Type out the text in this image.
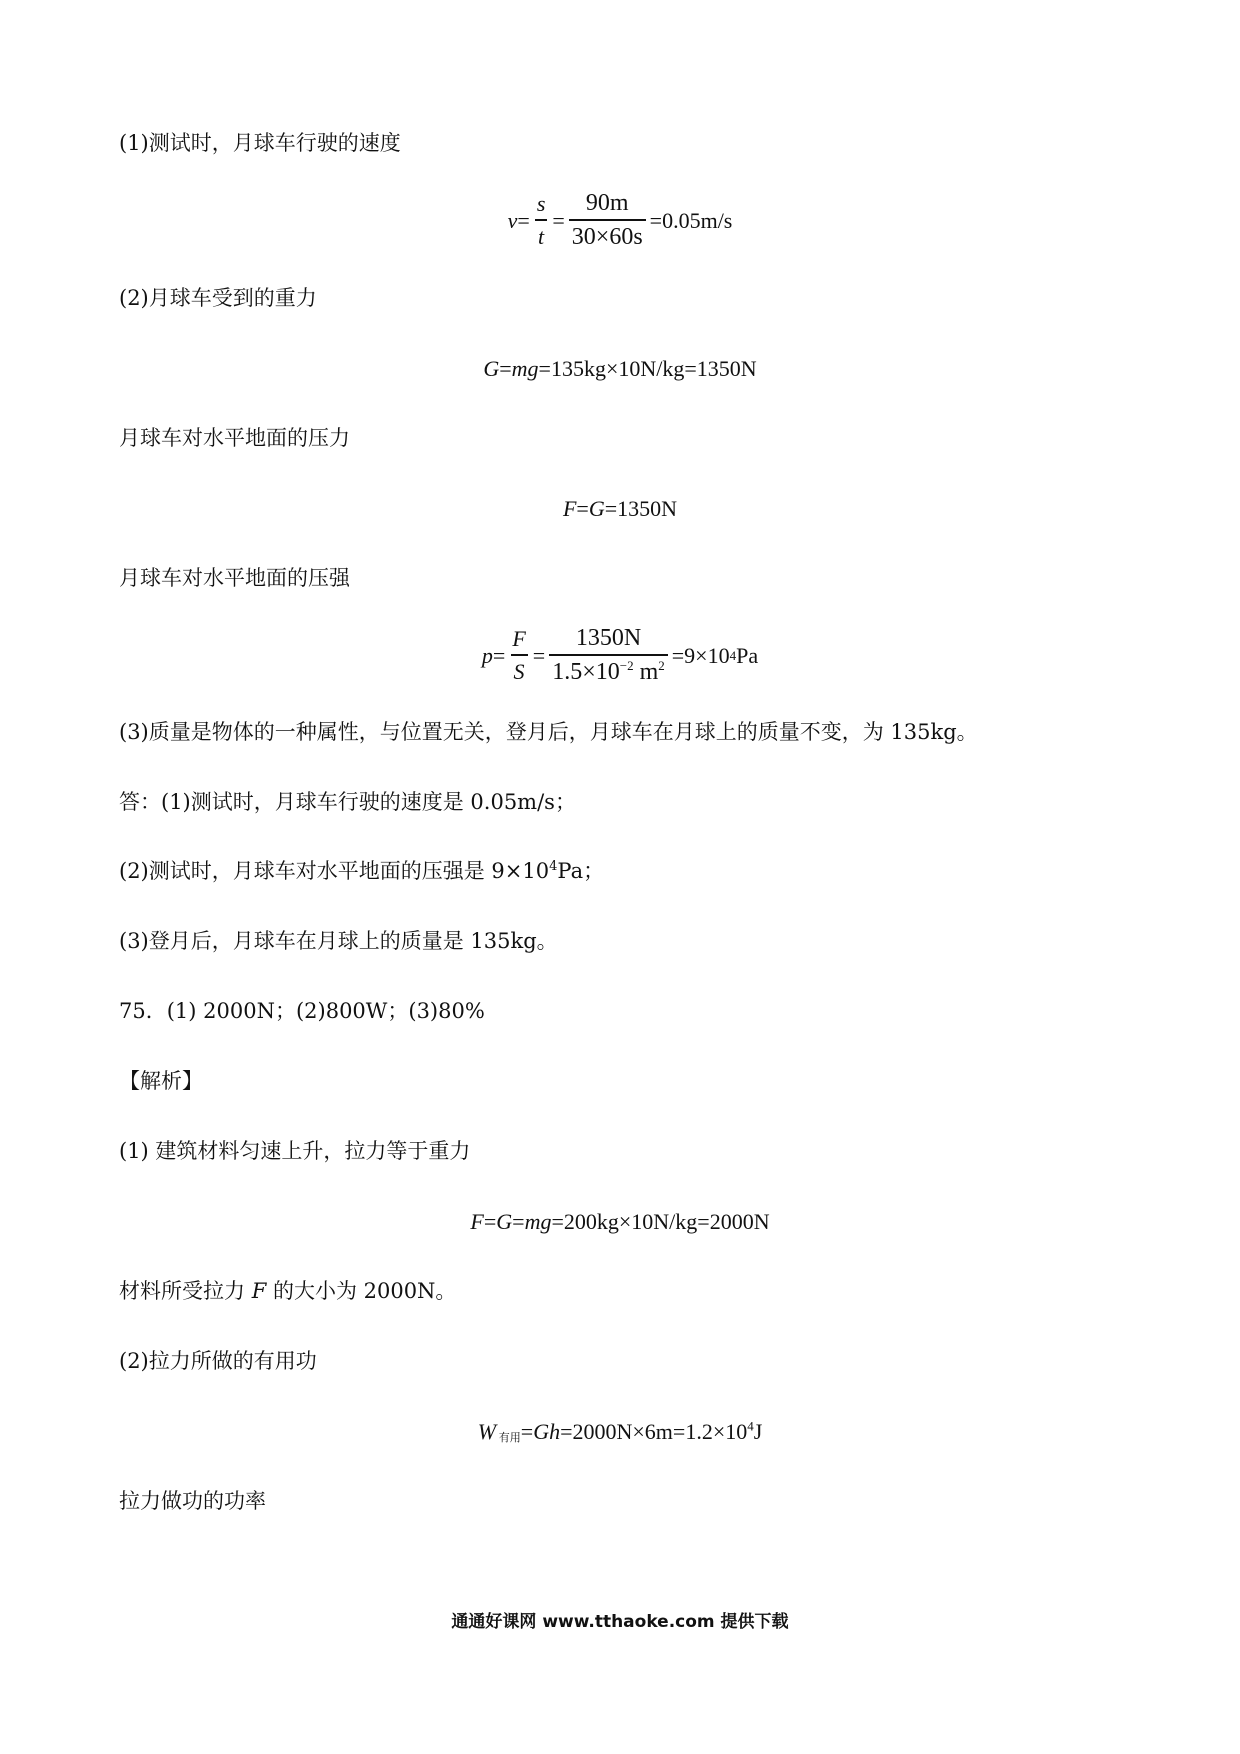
(1)测试时，月球车行驶的速度
$v = \frac{s}{t} = \frac{90m}{30\times 60s} =0.05m/s$
(2)月球车受到的重力
G=mg=135kg×10N/kg=1350N
月球车对水平地面的压力
F=G=1350N
月球车对水平地面的压强
$p = \frac{F}{S} = \frac{1350N}{1.5\times 10^{-2} m^2} =9\times 10$ 4 Pa
(3)质量是物体的一种属性，与位置无关，登月后，月球车在月球上的质量不变，为 135kg。
答：(1)测试时，月球车行驶的速度是 0.05m/s；
(2)测试时，月球车对水平地面的压强是 $9\times 10^4Pa$；
(3)登月后，月球车在月球上的质量是 135kg。
75．(1) 2000N；(2)800W；(3)80%
【解析】
(1) 建筑材料匀速上升，拉力等于重力
F=G=mg=200kg×10N/kg=2000N
材料所受拉力 F 的大小为 2000N。
(2)拉力所做的有用功
W $_{有用}=Gh=2000N\times 6m=1.2\times 10^4J$
拉力做功的功率
通通好课网 www.tthaoke.com 提供下载
